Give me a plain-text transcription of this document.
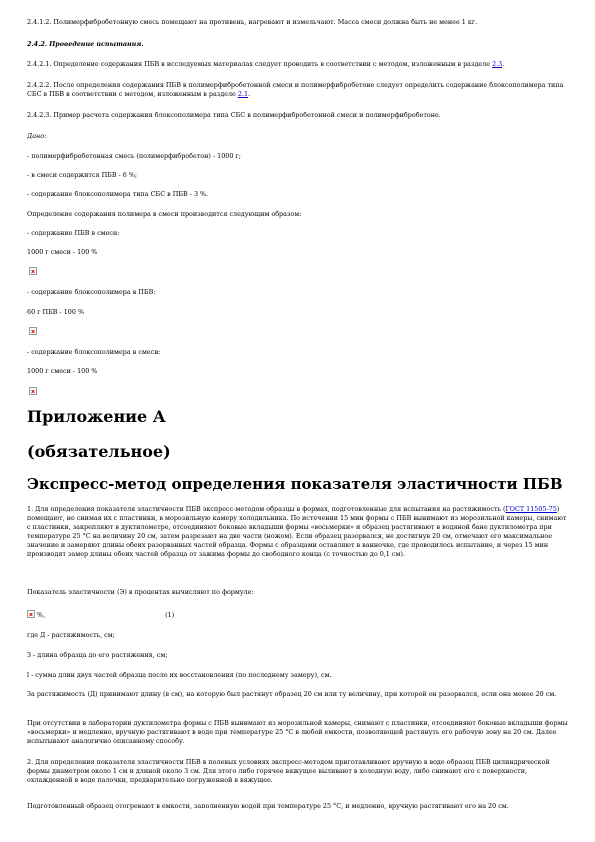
2.4.1.2. Полимерфибробетонную смесь помещают на противень, нагревают и измельчают. Масса смеси должна быть не менее 1 кг.

2.4.2. Проведение испытания.

2.4.2.1. Определение содержания ПБВ в исследуемых материалах следует проводить в соответствии с методом, изложенным в разделе 2.3.

2.4.2.2. После определения содержания ПБВ в полимерфибробетонной смеси и полимерфибробетоне следует определить содержание блоксополимера типа СБС в ПБВ в соответствии с методом, изложенным в разделе 2.1.

2.4.2.3. Пример расчета содержания блоксополимера типа СБС в полимерфибробетонной смеси и полимерфибробетоне.

Дано:

- полимерфибробетонная смесь (полимерфибробетон) - 1000 г;

- в смеси содержится ПБВ - 6 %;

- содержание блоксополимера типа СБС в ПБВ - 3 %.

Определение содержания полимера в смеси производится следующим образом:

- содержание ПБВ в смеси:

1000 г смеси - 100 %

- содержание блоксополимера в ПБВ:

60 г ПБВ - 100 %

- содержание блоксополимера в смеси:

1000 г смеси - 100 %

Приложение А
(обязательное)
Экспресс-метод определения показателя эластичности ПБВ

1. Для определения показателя эластичности ПБВ экспресс-методом образцы в формах, подготовленные для испытания на растяжимость (ГОСТ 11505-75) помещают, не снимая их с пластинки, в морозильную камеру холодильника. По истечении 15 мин формы с ПБВ вынимают из морозильной камеры, снимают с пластинки, закрепляют в дуктилометре, отсоединяют боковые вкладыши формы «восьмерки» и образец растягивают в водяной бане дуктилометра при температуре 25 °С на величину 20 см, затем разрезают на две части (ножом). Если образец разорвался, не достигнув 20 см, отмечают его максимальное значение и замеряют длины обеих разорванных частей образца. Формы с образцами оставляют в ванночке, где проводилось испытание, и через 15 мин производят замер длины обеих частей образца от зажима формы до свободного конца (с точностью до 0,1 см).

Показатель эластичности (Э) в процентах вычисляют по формуле:

%,	(1)

где Д - растяжимость, см;

З - длина образца до его растяжения, см;

l - сумма длин двух частей образца после их восстановления (по последнему замеру), см.

За растяжимость (Д) принимают длину (в см), на которую был растянут образец 20 см или ту величину, при которой он разорвался, если она менее 20 см.

При отсутствии в лаборатории дуктилометра формы с ПБВ вынимают из морозильной камеры, снимают с пластинки, отсоединяют боковые вкладыши формы «восьмерки» и медленно, вручную растягивают в воде при температуре 25 °С в любой емкости, позволяющей растянуть его рабочую зону на 20 см. Далее испытывают аналогично описанному способу.

2. Для определения показателя эластичности ПБВ в полевых условиях экспресс-методом приготавливают вручную в воде образец ПБВ цилиндрической формы диаметром около 1 см и длиной около 3 см. Для этого либо горячее вяжущее выливают в холодную воду, либо снимают его с поверхности, охлажденной в воде палочки, предварительно погруженной в вяжущее.

Подготовленный образец отогревают в емкости, заполненную водой при температуре 25 °С, и медленно, вручную растягивают его на 20 см.
